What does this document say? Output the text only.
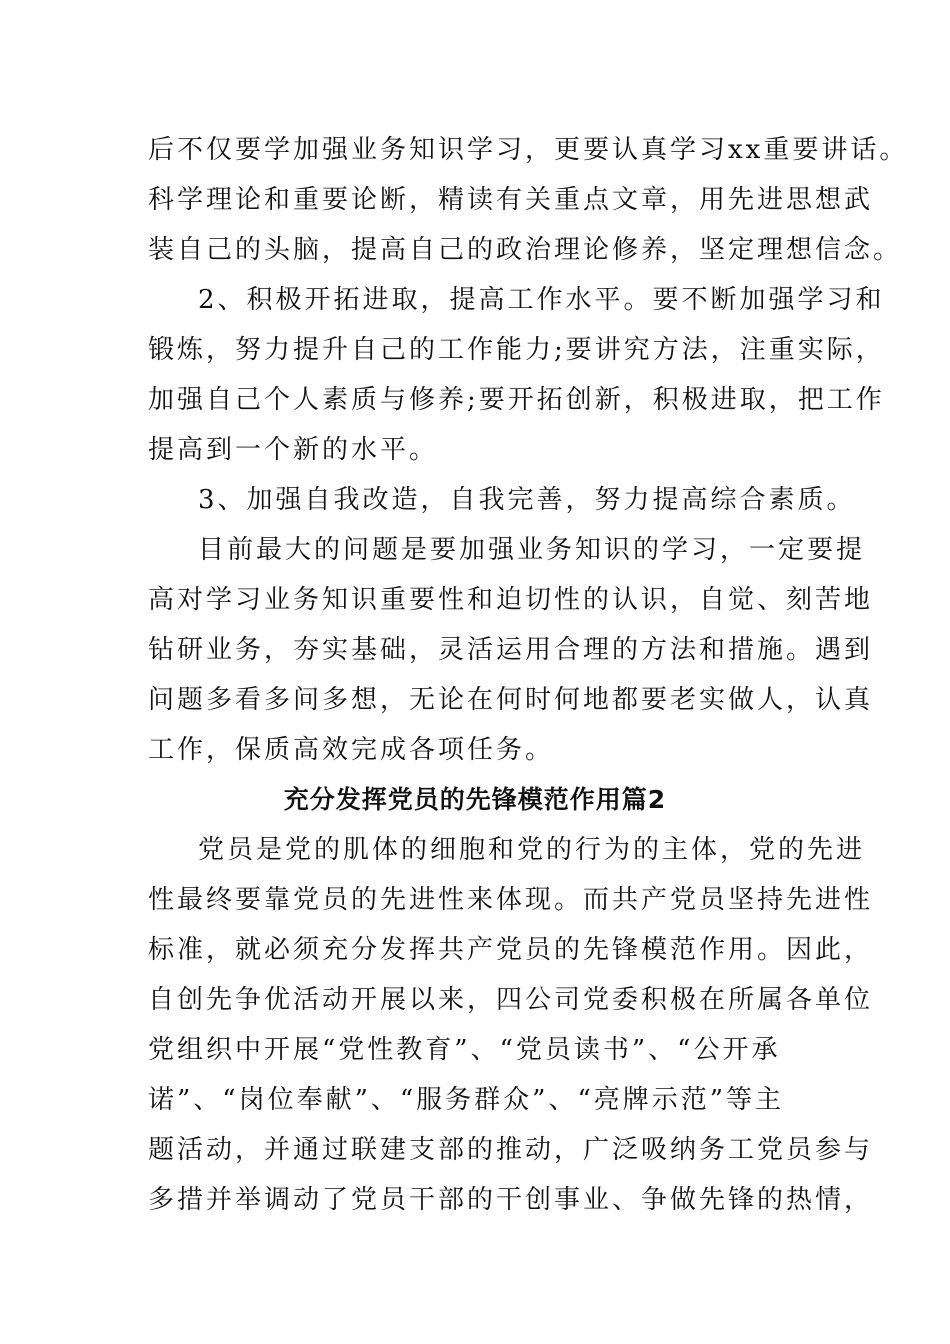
后不仅要学加强业务知识学习，更要认真学习xx重要讲话。
科学理论和重要论断，精读有关重点文章，用先进思想武
装自己的头脑，提高自己的政治理论修养，坚定理想信念。
2、积极开拓进取，提高工作水平。要不断加强学习和
锻炼，努力提升自己的工作能力;要讲究方法，注重实际，
加强自己个人素质与修养;要开拓创新，积极进取，把工作
提高到一个新的水平。
3、加强自我改造，自我完善，努力提高综合素质。
目前最大的问题是要加强业务知识的学习，一定要提
高对学习业务知识重要性和迫切性的认识，自觉、刻苦地
钻研业务，夯实基础，灵活运用合理的方法和措施。遇到
问题多看多问多想，无论在何时何地都要老实做人，认真
工作，保质高效完成各项任务。
充分发挥党员的先锋模范作用篇2
党员是党的肌体的细胞和党的行为的主体，党的先进
性最终要靠党员的先进性来体现。而共产党员坚持先进性
标准，就必须充分发挥共产党员的先锋模范作用。因此，
自创先争优活动开展以来，四公司党委积极在所属各单位
党组织中开展“党性教育”、“党员读书”、“公开承
诺”、“岗位奉献”、“服务群众”、“亮牌示范”等主
题活动，并通过联建支部的推动，广泛吸纳务工党员参与
多措并举调动了党员干部的干创事业、争做先锋的热情，
